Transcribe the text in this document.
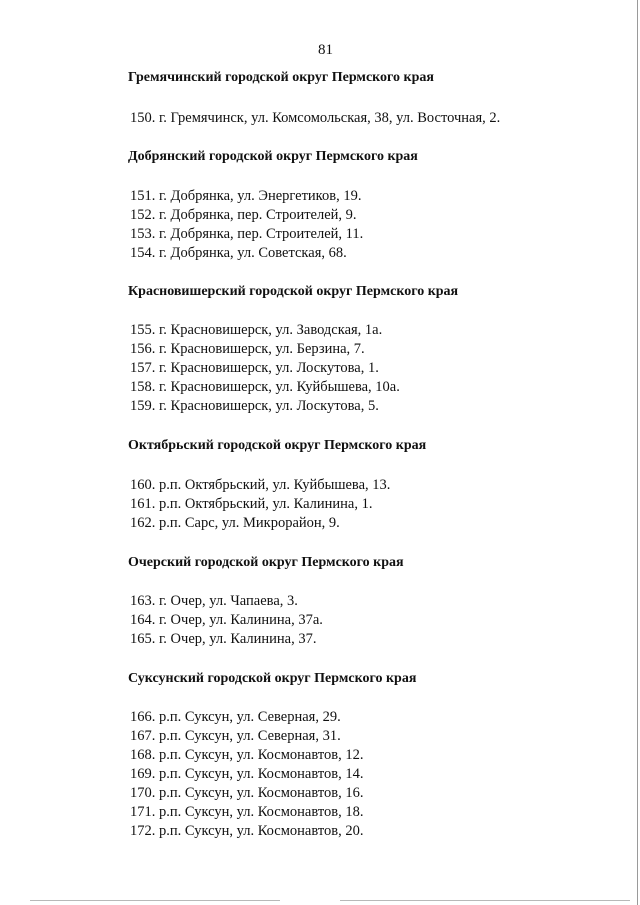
81
Гремячинский городской округ Пермского края
150. г. Гремячинск, ул. Комсомольская, 38, ул. Восточная, 2.
Добрянский городской округ Пермского края
151. г. Добрянка, ул. Энергетиков, 19.
152. г. Добрянка, пер. Строителей, 9.
153. г. Добрянка, пер. Строителей, 11.
154. г. Добрянка, ул. Советская, 68.
Красновишерский городской округ Пермского края
155. г. Красновишерск, ул. Заводская, 1а.
156. г. Красновишерск, ул. Берзина, 7.
157. г. Красновишерск, ул. Лоскутова, 1.
158. г. Красновишерск, ул. Куйбышева, 10а.
159. г. Красновишерск, ул. Лоскутова, 5.
Октябрьский городской округ Пермского края
160. р.п. Октябрьский, ул. Куйбышева, 13.
161. р.п. Октябрьский, ул. Калинина, 1.
162. р.п. Сарс, ул. Микрорайон, 9.
Очерский городской округ Пермского края
163. г. Очер, ул. Чапаева, 3.
164. г. Очер, ул. Калинина, 37а.
165. г. Очер, ул. Калинина, 37.
Суксунский городской округ Пермского края
166. р.п. Суксун, ул. Северная, 29.
167. р.п. Суксун, ул. Северная, 31.
168. р.п. Суксун, ул. Космонавтов, 12.
169. р.п. Суксун, ул. Космонавтов, 14.
170. р.п. Суксун, ул. Космонавтов, 16.
171. р.п. Суксун, ул. Космонавтов, 18.
172. р.п. Суксун, ул. Космонавтов, 20.
